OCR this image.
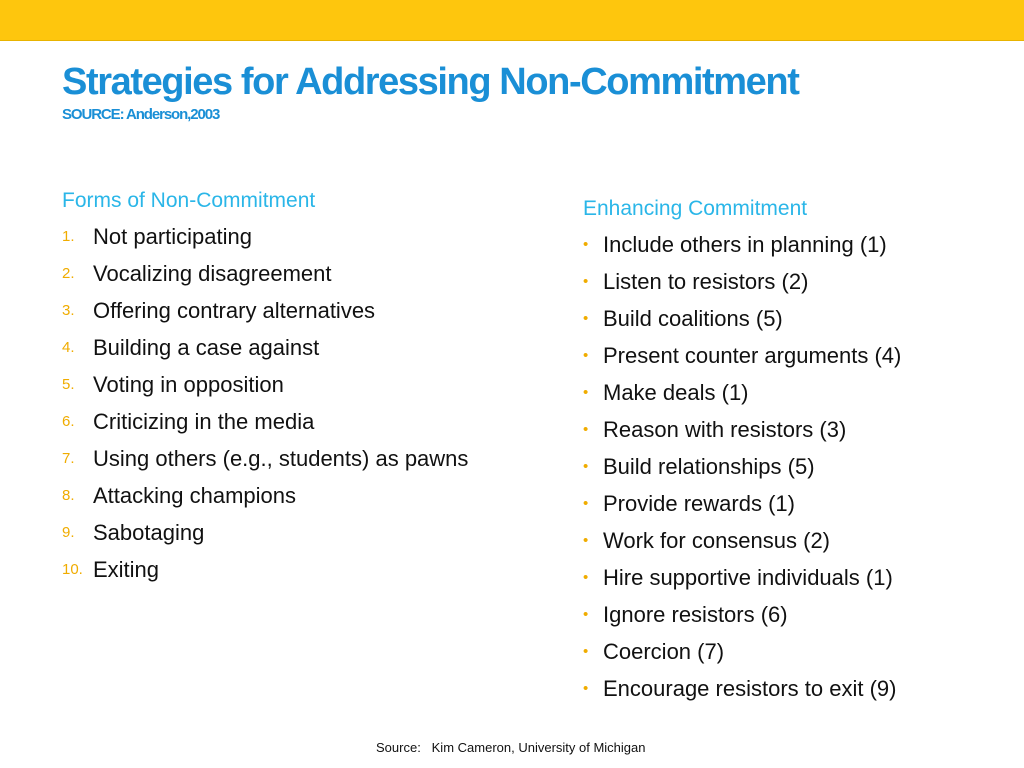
Strategies for Addressing Non-Commitment
SOURCE: Anderson,2003
Forms of Non-Commitment
1. Not participating
2. Vocalizing disagreement
3. Offering contrary alternatives
4. Building a case against
5. Voting in opposition
6. Criticizing in the media
7. Using others (e.g., students) as pawns
8. Attacking champions
9. Sabotaging
10. Exiting
Enhancing Commitment
• Include others in planning (1)
• Listen to resistors (2)
• Build coalitions (5)
• Present counter arguments (4)
• Make deals (1)
• Reason with resistors (3)
• Build relationships (5)
• Provide rewards (1)
• Work for consensus (2)
• Hire supportive individuals (1)
• Ignore resistors (6)
• Coercion (7)
• Encourage resistors to exit (9)
Source:   Kim Cameron, University of Michigan
